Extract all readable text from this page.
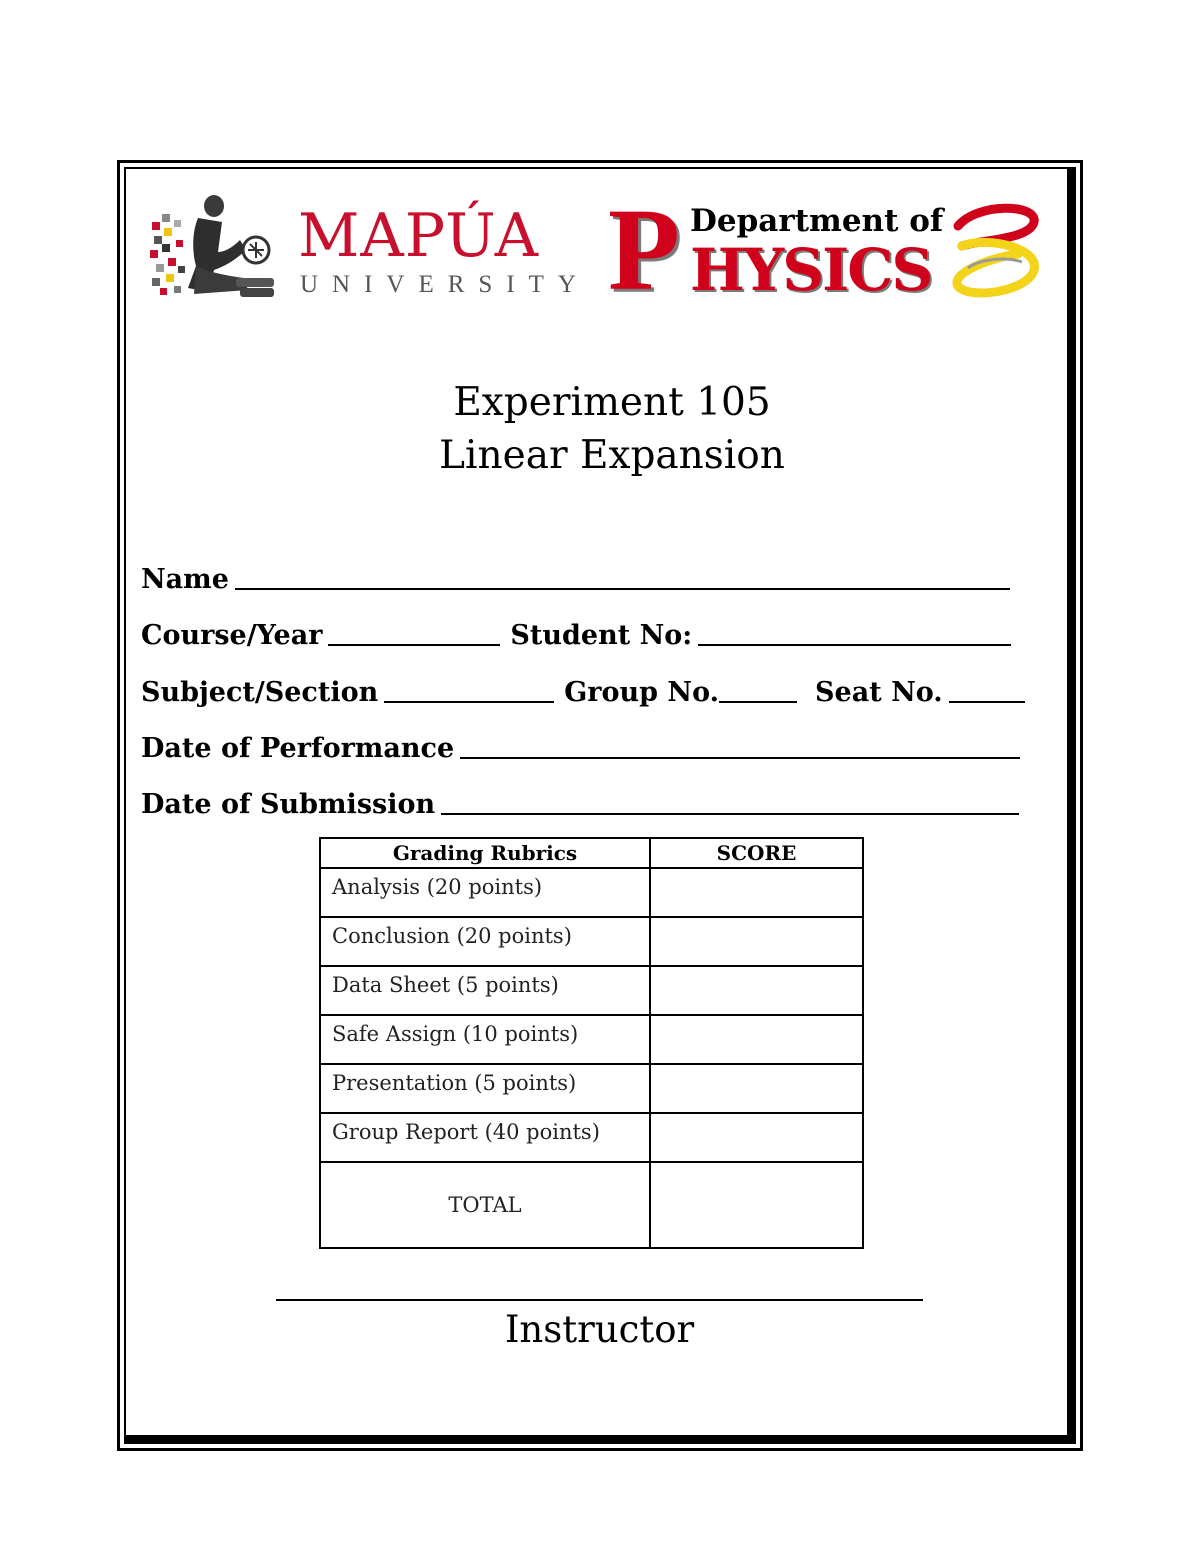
MAPÚA
UNIVERSITY P Department of
HYSICS
Experiment 105
Linear Expansion
Name
Course/Year	Student No:
Subject/Section	Group No.	Seat No.
Date of Performance
Date of Submission
Grading Rubrics	SCORE
Analysis (20 points)	
Conclusion (20 points)	
Data Sheet (5 points)	
Safe Assign (10 points)	
Presentation (5 points)	
Group Report (40 points)	
TOTAL	
Instructor
